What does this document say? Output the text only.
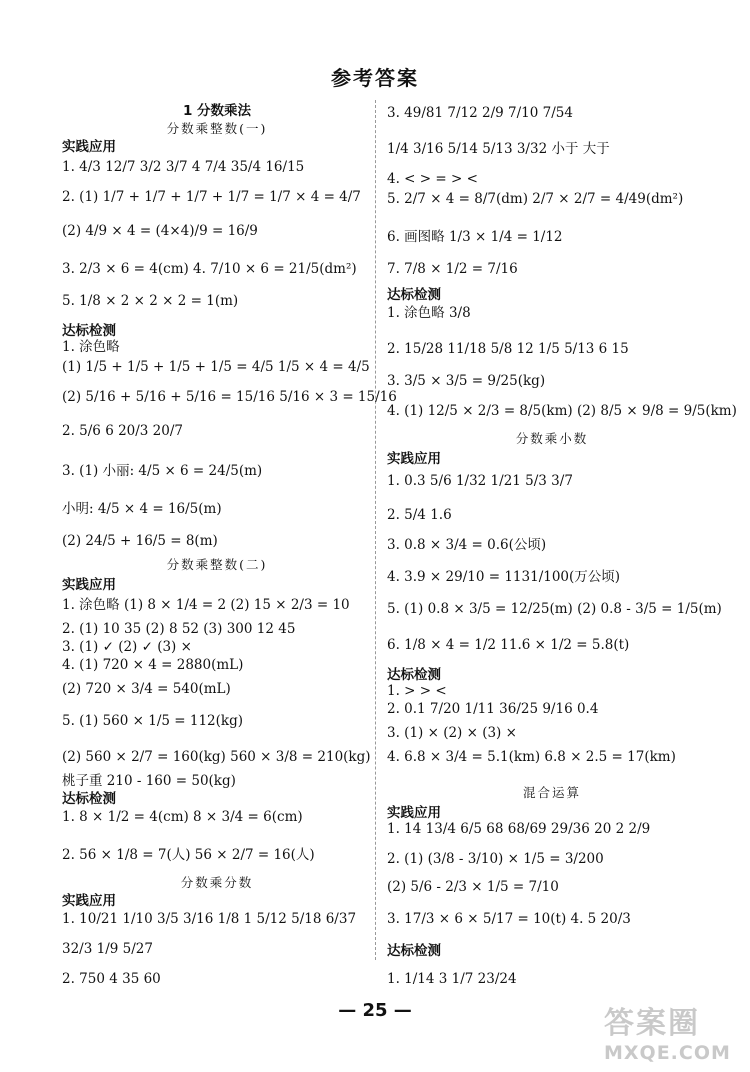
参考答案
1 分数乘法
分数乘整数(一)
实践应用
1. 4/3 12/7 3/2 3/7 4 7/4 35/4 16/15
2. (1) 1/7 + 1/7 + 1/7 + 1/7 = 1/7 × 4 = 4/7
(2) 4/9 × 4 = (4×4)/9 = 16/9
3. 2/3 × 6 = 4(cm) 4. 7/10 × 6 = 21/5(dm²)
5. 1/8 × 2 × 2 × 2 = 1(m)
达标检测
1. 涂色略
(1) 1/5 + 1/5 + 1/5 + 1/5 = 4/5 1/5 × 4 = 4/5
(2) 5/16 + 5/16 + 5/16 = 15/16 5/16 × 3 = 15/16
2. 5/6 6 20/3 20/7
3. (1) 小丽: 4/5 × 6 = 24/5(m)
小明: 4/5 × 4 = 16/5(m)
(2) 24/5 + 16/5 = 8(m)
分数乘整数(二)
实践应用
1. 涂色略 (1) 8 × 1/4 = 2 (2) 15 × 2/3 = 10
2. (1) 10 35 (2) 8 52 (3) 300 12 45
3. (1) ✓ (2) ✓ (3) ×
4. (1) 720 × 4 = 2880(mL)
(2) 720 × 3/4 = 540(mL)
5. (1) 560 × 1/5 = 112(kg)
(2) 560 × 2/7 = 160(kg) 560 × 3/8 = 210(kg)
桃子重 210 - 160 = 50(kg)
达标检测
1. 8 × 1/2 = 4(cm) 8 × 3/4 = 6(cm)
2. 56 × 1/8 = 7(人) 56 × 2/7 = 16(人)
分数乘分数
实践应用
1. 10/21 1/10 3/5 3/16 1/8 1 5/12 5/18 6/37
32/3 1/9 5/27
2. 750 4 35 60
3. 49/81 7/12 2/9 7/10 7/54
1/4 3/16 5/14 5/13 3/32 小于 大于
4. < > = > <
5. 2/7 × 4 = 8/7(dm) 2/7 × 2/7 = 4/49(dm²)
6. 画图略 1/3 × 1/4 = 1/12
7. 7/8 × 1/2 = 7/16
达标检测
1. 涂色略 3/8
2. 15/28 11/18 5/8 12 1/5 5/13 6 15
3. 3/5 × 3/5 = 9/25(kg)
4. (1) 12/5 × 2/3 = 8/5(km) (2) 8/5 × 9/8 = 9/5(km)
分数乘小数
实践应用
1. 0.3 5/6 1/32 1/21 5/3 3/7
2. 5/4 1.6
3. 0.8 × 3/4 = 0.6(公顷)
4. 3.9 × 29/10 = 1131/100(万公顷)
5. (1) 0.8 × 3/5 = 12/25(m) (2) 0.8 - 3/5 = 1/5(m)
6. 1/8 × 4 = 1/2 11.6 × 1/2 = 5.8(t)
达标检测
1. > > <
2. 0.1 7/20 1/11 36/25 9/16 0.4
3. (1) × (2) × (3) ×
4. 6.8 × 3/4 = 5.1(km) 6.8 × 2.5 = 17(km)
混合运算
实践应用
1. 14 13/4 6/5 68 68/69 29/36 20 2 2/9
2. (1) (3/8 - 3/10) × 1/5 = 3/200
(2) 5/6 - 2/3 × 1/5 = 7/10
3. 17/3 × 6 × 5/17 = 10(t) 4. 5 20/3
达标检测
1. 1/14 3 1/7 23/24
— 25 —	答案圈
MXQE.COM
